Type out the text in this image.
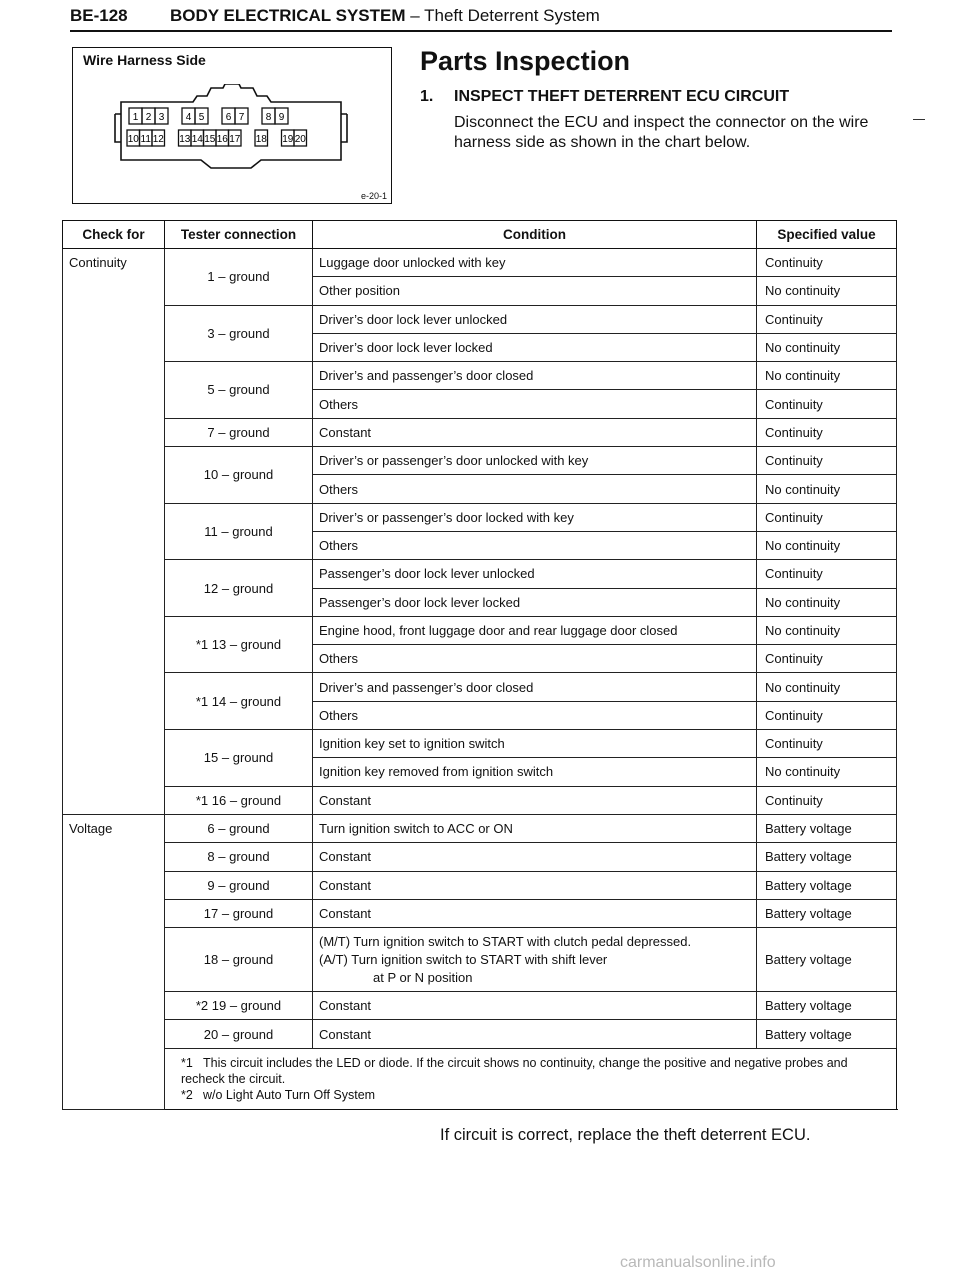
BE-128 BODY ELECTRICAL SYSTEM – Theft Deterrent System
Wire Harness Side
1 2 3 4 5 6 7 8 9
10 11 12 13 14 15 16 17 18 19 20
e-20-1
Parts Inspection
1. INSPECT THEFT DETERRENT ECU CIRCUIT
Disconnect the ECU and inspect the connector on the wire harness side as shown in the chart below.
Check for	Tester connection	Condition	Specified value
Continuity	1 – ground	Luggage door unlocked with key	Continuity
		Other position	No continuity
	3 – ground	Driver’s door lock lever unlocked	Continuity
		Driver’s door lock lever locked	No continuity
	5 – ground	Driver’s and passenger’s door closed	No continuity
		Others	Continuity
	7 – ground	Constant	Continuity
	10 – ground	Driver’s or passenger’s door unlocked with key	Continuity
		Others	No continuity
	11 – ground	Driver’s or passenger’s door locked with key	Continuity
		Others	No continuity
	12 – ground	Passenger’s door lock lever unlocked	Continuity
		Passenger’s door lock lever locked	No continuity
	*1 13 – ground	Engine hood, front luggage door and rear luggage door closed	No continuity
		Others	Continuity
	*1 14 – ground	Driver’s and passenger’s door closed	No continuity
		Others	Continuity
	15 – ground	Ignition key set to ignition switch	Continuity
		Ignition key removed from ignition switch	No continuity
	*1 16 – ground	Constant	Continuity
Voltage	6 – ground	Turn ignition switch to ACC or ON	Battery voltage
	8 – ground	Constant	Battery voltage
	9 – ground	Constant	Battery voltage
	17 – ground	Constant	Battery voltage
	18 – ground	(M/T) Turn ignition switch to START with clutch pedal depressed.
(A/T) Turn ignition switch to START with shift lever
at P or N position	Battery voltage
	*2 19 – ground	Constant	Battery voltage
	20 – ground	Constant	Battery voltage

	*1 This circuit includes the LED or diode. If the circuit shows no continuity, change the positive and negative probes and recheck the circuit.
*2 w/o Light Auto Turn Off System		
If circuit is correct, replace the theft deterrent ECU.
carmanualsonline.info
